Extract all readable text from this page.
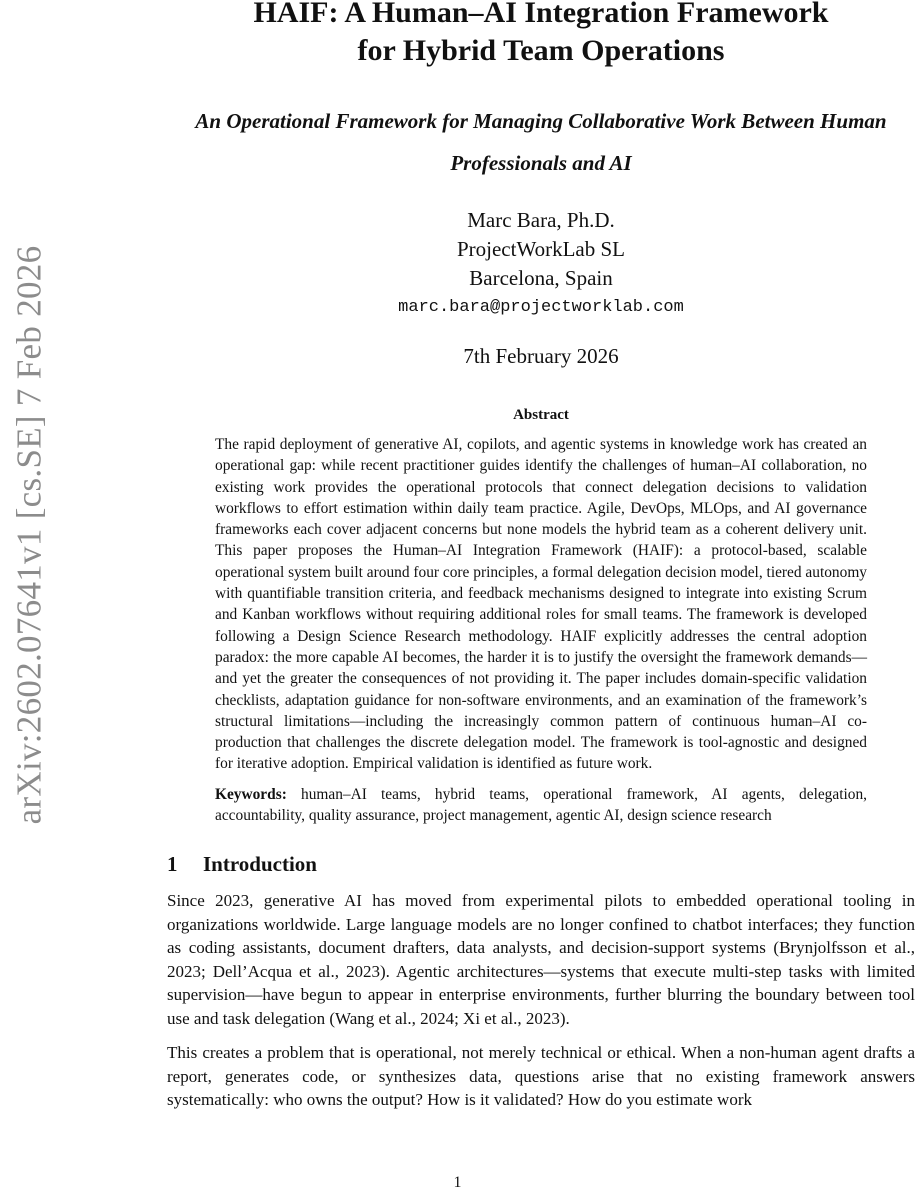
arXiv:2602.07641v1 [cs.SE] 7 Feb 2026
HAIF: A Human–AI Integration Framework
for Hybrid Team Operations
An Operational Framework for Managing Collaborative Work Between Human Professionals and AI
Marc Bara, Ph.D.
ProjectWorkLab SL
Barcelona, Spain
marc.bara@projectworklab.com
7th February 2026
Abstract

The rapid deployment of generative AI, copilots, and agentic systems in knowledge work has created an operational gap: while recent practitioner guides identify the challenges of human–AI collaboration, no existing work provides the operational protocols that connect delegation decisions to validation workflows to effort estimation within daily team practice. Agile, DevOps, MLOps, and AI governance frameworks each cover adjacent concerns but none models the hybrid team as a coherent delivery unit. This paper proposes the Human–AI Integration Framework (HAIF): a protocol-based, scalable operational system built around four core principles, a formal delegation decision model, tiered autonomy with quantifiable transition criteria, and feedback mechanisms designed to integrate into existing Scrum and Kanban workflows without requiring additional roles for small teams. The framework is developed following a Design Science Research methodology. HAIF explicitly addresses the central adoption paradox: the more capable AI becomes, the harder it is to justify the oversight the framework demands—and yet the greater the consequences of not providing it. The paper includes domain-specific validation checklists, adaptation guidance for non-software environments, and an examination of the framework’s structural limitations—including the increasingly common pattern of continuous human–AI co-production that challenges the discrete delegation model. The framework is tool-agnostic and designed for iterative adoption. Empirical validation is identified as future work.

Keywords: human–AI teams, hybrid teams, operational framework, AI agents, delegation, accountability, quality assurance, project management, agentic AI, design science research

1 Introduction

Since 2023, generative AI has moved from experimental pilots to embedded operational tooling in organizations worldwide. Large language models are no longer confined to chatbot interfaces; they function as coding assistants, document drafters, data analysts, and decision-support systems (Brynjolfsson et al., 2023; Dell’Acqua et al., 2023). Agentic architectures—systems that execute multi-step tasks with limited supervision—have begun to appear in enterprise environments, further blurring the boundary between tool use and task delegation (Wang et al., 2024; Xi et al., 2023).

This creates a problem that is operational, not merely technical or ethical. When a non-human agent drafts a report, generates code, or synthesizes data, questions arise that no existing framework answers systematically: who owns the output? How is it validated? How do you estimate work

1
